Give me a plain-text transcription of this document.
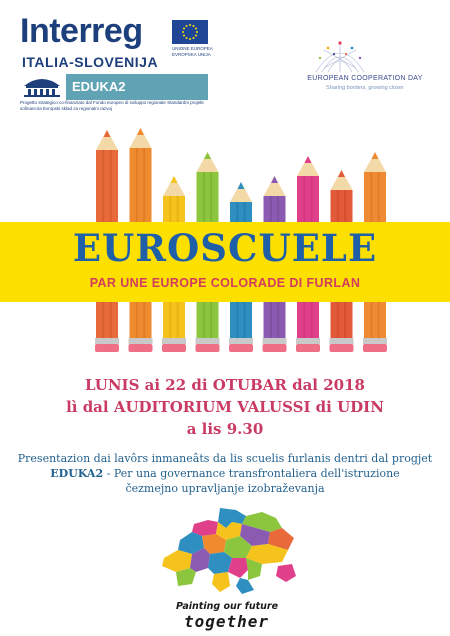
Interreg	UNIONE EUROPEA EVROPSKA UNIJA
ITALIA-SLOVENIJA
EDUKA2
Progetto strategico co-finanziato dal Fondo europeo di sviluppo regionale Standardni projekt sofinancira Evropski sklad za regionalni razvoj
EUROPEAN COOPERATION DAY
Sharing borders, growing closer
EUROSCUELE
PAR UNE EUROPE COLORADE DI FURLAN
LUNIS ai 22 di OTUBAR dal 2018
lì dal AUDITORIUM VALUSSI di UDIN
a lis 9.30
Presentazion dai lavôrs inmaneâts da lis scuelis furlanis dentri dal progjet
EDUKA2 - Per una governance transfrontaliera dell'istruzione
čezmejno upravljanje izobraževanja
Painting our future
together
